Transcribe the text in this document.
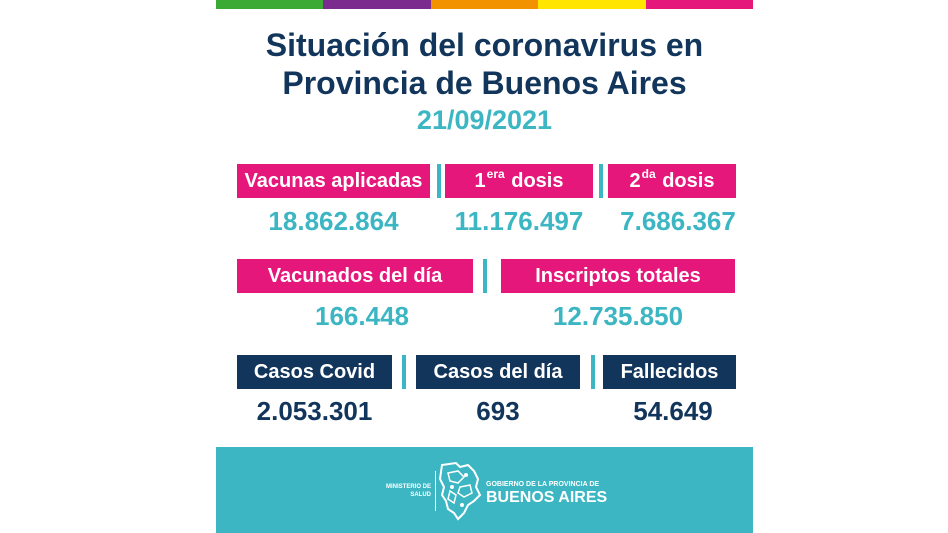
Situación del coronavirus en
Provincia de Buenos Aires
21/09/2021
Vacunas aplicadas	$1^{era}$ dosis	$2^{da}$ dosis
18.862.864	11.176.497	7.686.367
Vacunados del día	Inscriptos totales
166.448	12.735.850
Casos Covid	Casos del día	Fallecidos
2.053.301	693	54.649
MINISTERIO DE
SALUD
GOBIERNO DE LA PROVINCIA DE
BUENOS AIRES
